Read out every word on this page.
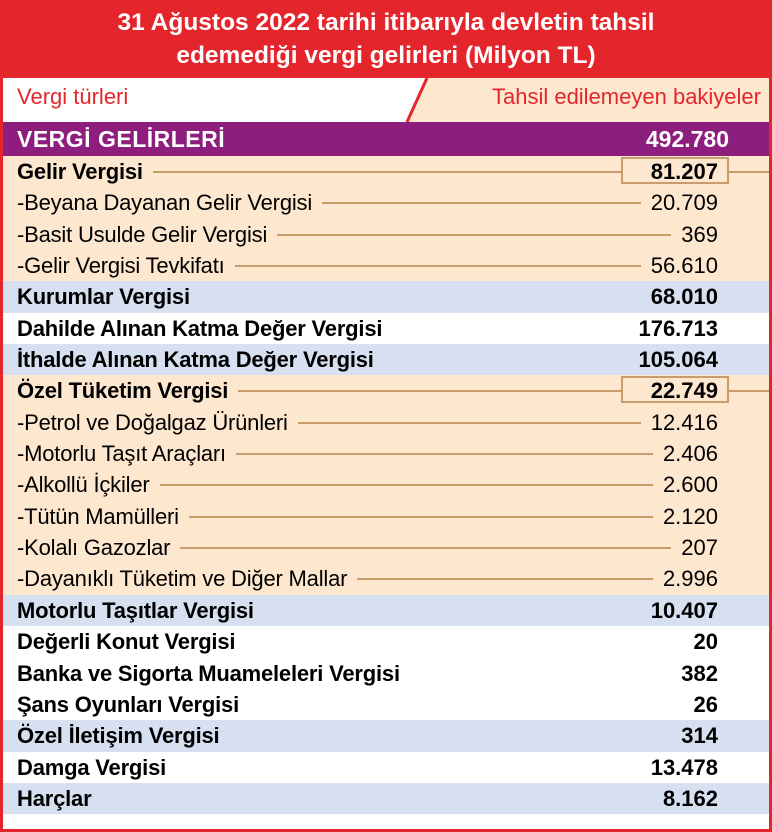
31 Ağustos 2022 tarihi itibarıyla devletin tahsil
edemediği vergi gelirleri (Milyon TL)
Vergi türleri	Tahsil edilemeyen bakiyeler
VERGİ GELİRLERİ	492.780
Gelir Vergisi	81.207
-Beyana Dayanan Gelir Vergisi	20.709
-Basit Usulde Gelir Vergisi	369
-Gelir Vergisi Tevkifatı	56.610
Kurumlar Vergisi	68.010
Dahilde Alınan Katma Değer Vergisi	176.713
İthalde Alınan Katma Değer Vergisi	105.064
Özel Tüketim Vergisi	22.749
-Petrol ve Doğalgaz Ürünleri	12.416
-Motorlu Taşıt Araçları	2.406
-Alkollü İçkiler	2.600
-Tütün Mamülleri	2.120
-Kolalı Gazozlar	207
-Dayanıklı Tüketim ve Diğer Mallar	2.996
Motorlu Taşıtlar Vergisi	10.407
Değerli Konut Vergisi	20
Banka ve Sigorta Muameleleri Vergisi	382
Şans Oyunları Vergisi	26
Özel İletişim Vergisi	314
Damga Vergisi	13.478
Harçlar	8.162
